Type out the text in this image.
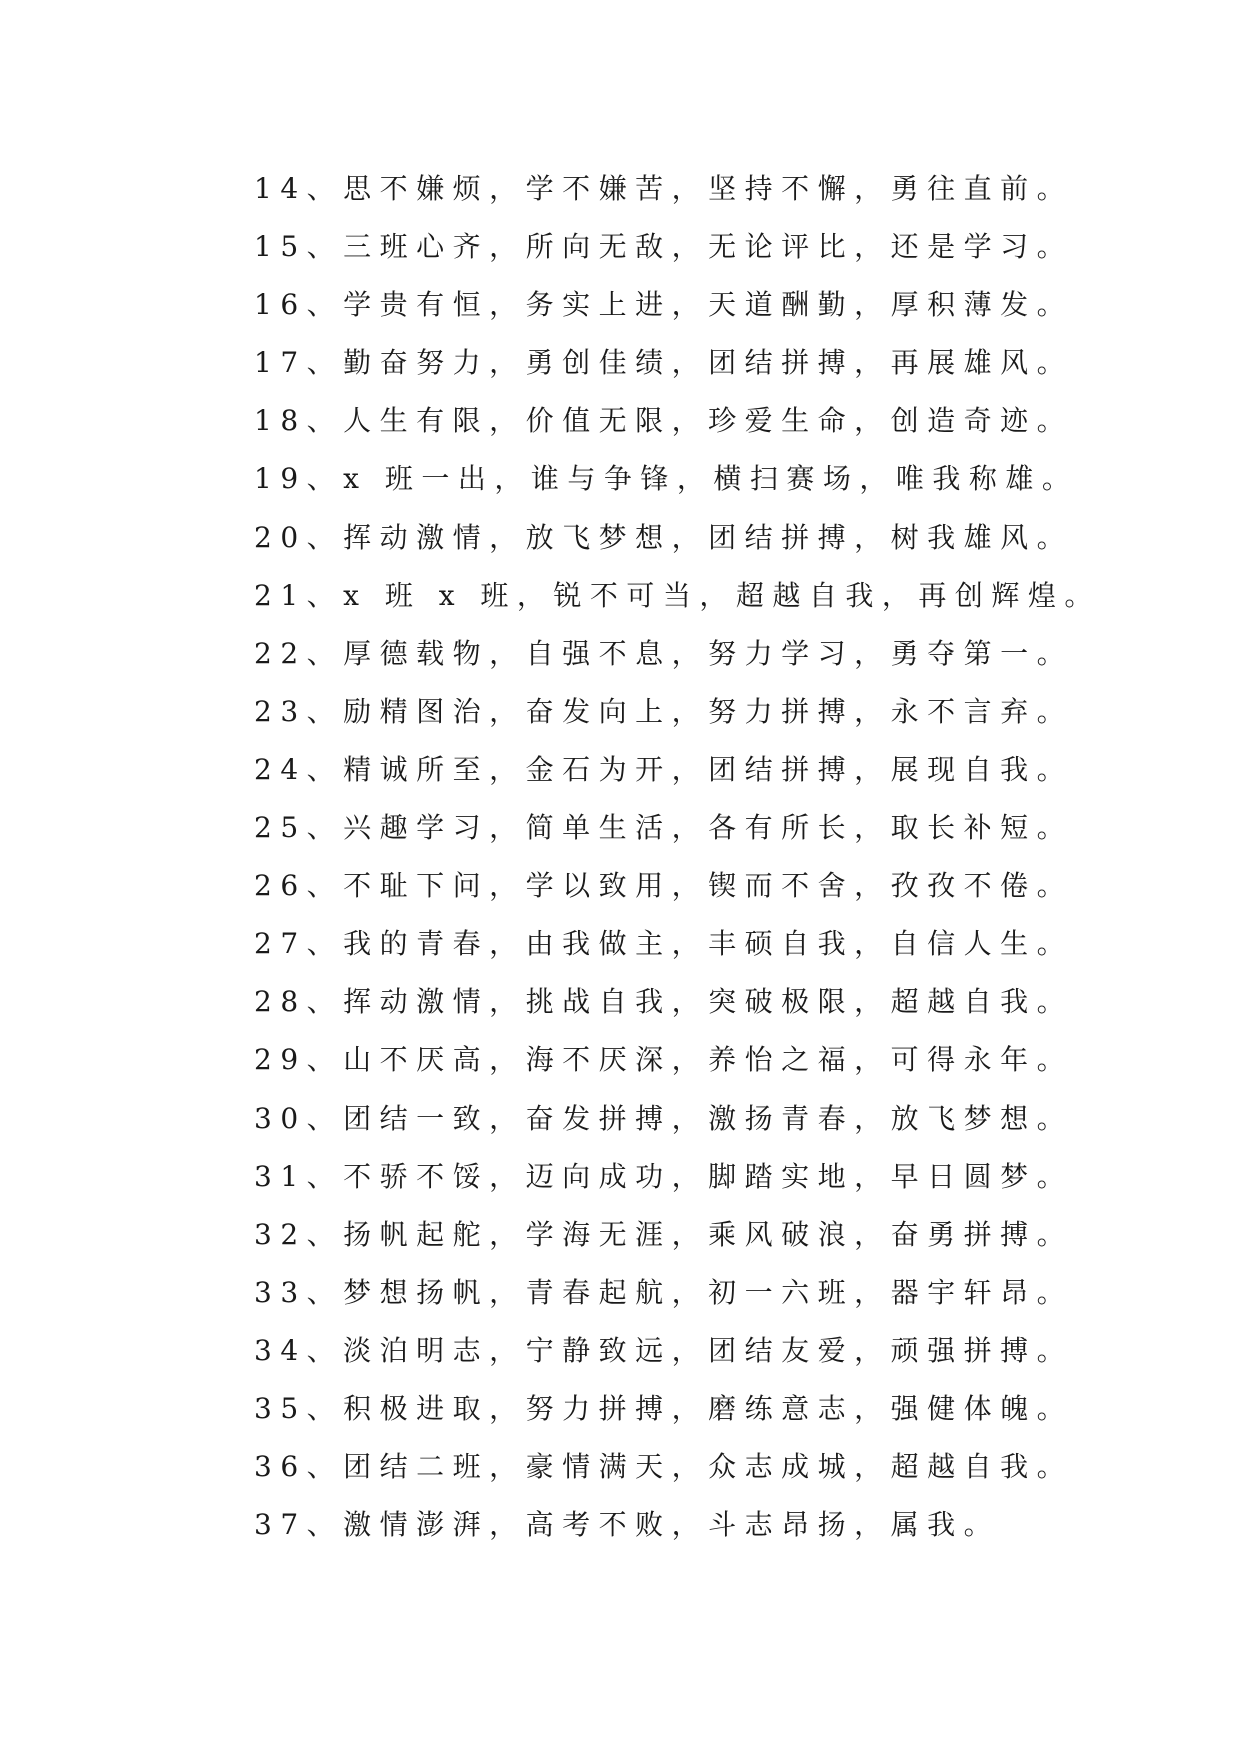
14、思不嫌烦，学不嫌苦，坚持不懈，勇往直前。
15、三班心齐，所向无敌，无论评比，还是学习。
16、学贵有恒，务实上进，天道酬勤，厚积薄发。
17、勤奋努力，勇创佳绩，团结拼搏，再展雄风。
18、人生有限，价值无限，珍爱生命，创造奇迹。
19、x 班一出，谁与争锋，横扫赛场，唯我称雄。
20、挥动激情，放飞梦想，团结拼搏，树我雄风。
21、x 班 x 班，锐不可当，超越自我，再创辉煌。
22、厚德载物，自强不息，努力学习，勇夺第一。
23、励精图治，奋发向上，努力拼搏，永不言弃。
24、精诚所至，金石为开，团结拼搏，展现自我。
25、兴趣学习，简单生活，各有所长，取长补短。
26、不耻下问，学以致用，锲而不舍，孜孜不倦。
27、我的青春，由我做主，丰硕自我，自信人生。
28、挥动激情，挑战自我，突破极限，超越自我。
29、山不厌高，海不厌深，养怡之福，可得永年。
30、团结一致，奋发拼搏，激扬青春，放飞梦想。
31、不骄不馁，迈向成功，脚踏实地，早日圆梦。
32、扬帆起舵，学海无涯，乘风破浪，奋勇拼搏。
33、梦想扬帆，青春起航，初一六班，器宇轩昂。
34、淡泊明志，宁静致远，团结友爱，顽强拼搏。
35、积极进取，努力拼搏，磨练意志，强健体魄。
36、团结二班，豪情满天，众志成城，超越自我。
37、激情澎湃，高考不败，斗志昂扬，属我。
